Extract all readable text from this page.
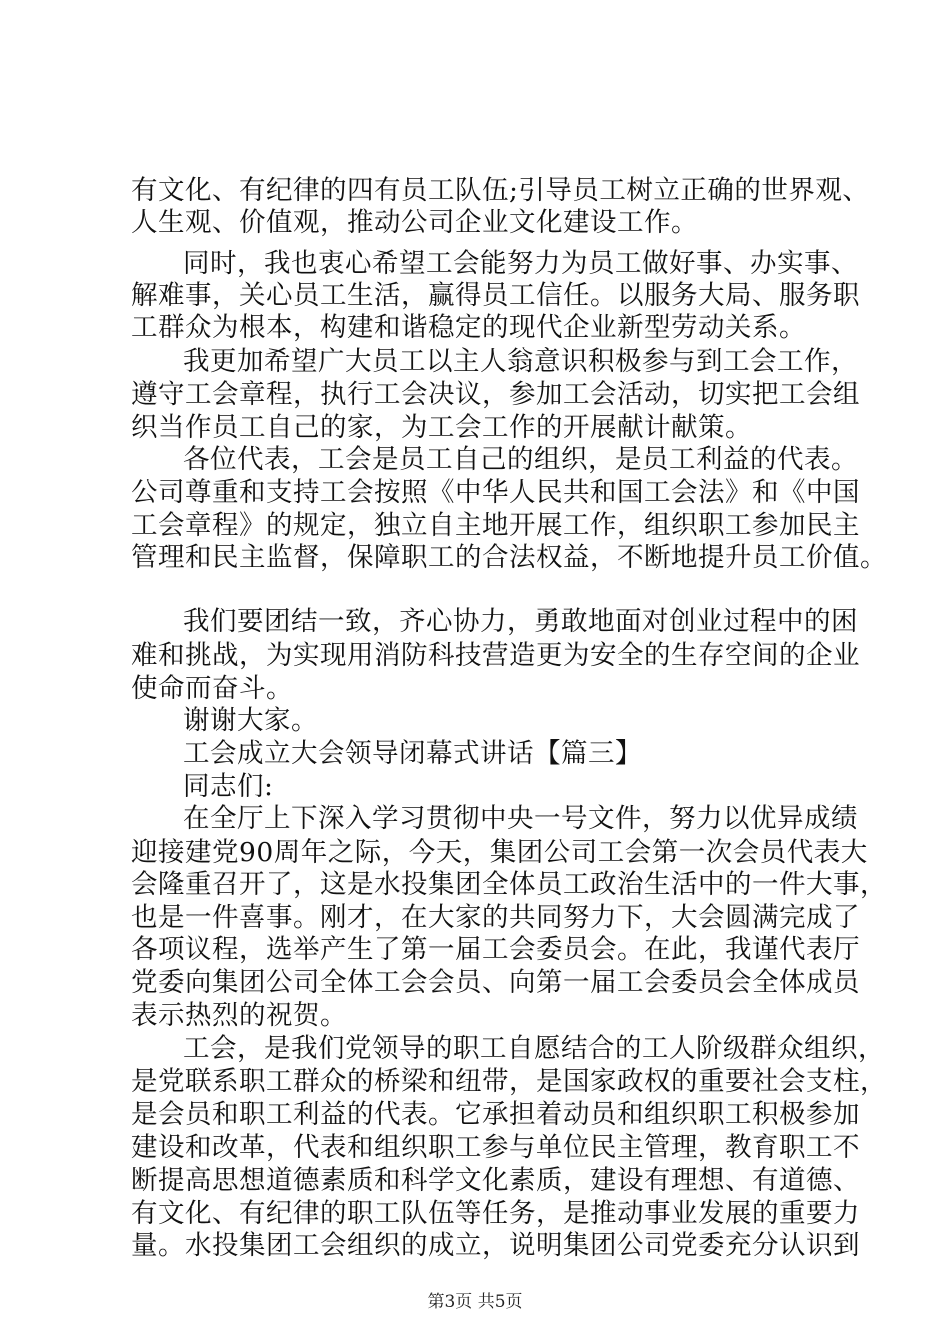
有文化、有纪律的四有员工队伍;引导员工树立正确的世界观、
人生观、价值观，推动公司企业文化建设工作。
同时，我也衷心希望工会能努力为员工做好事、办实事、
解难事，关心员工生活，赢得员工信任。以服务大局、服务职
工群众为根本，构建和谐稳定的现代企业新型劳动关系。
我更加希望广大员工以主人翁意识积极参与到工会工作，
遵守工会章程，执行工会决议，参加工会活动，切实把工会组
织当作员工自己的家，为工会工作的开展献计献策。
各位代表，工会是员工自己的组织，是员工利益的代表。
公司尊重和支持工会按照《中华人民共和国工会法》和《中国
工会章程》的规定，独立自主地开展工作，组织职工参加民主
管理和民主监督，保障职工的合法权益，不断地提升员工价值。
我们要团结一致，齐心协力，勇敢地面对创业过程中的困
难和挑战，为实现用消防科技营造更为安全的生存空间的企业
使命而奋斗。
谢谢大家。
工会成立大会领导闭幕式讲话【篇三】
同志们:
在全厅上下深入学习贯彻中央一号文件，努力以优异成绩
迎接建党90周年之际，今天，集团公司工会第一次会员代表大
会隆重召开了，这是水投集团全体员工政治生活中的一件大事，
也是一件喜事。刚才，在大家的共同努力下，大会圆满完成了
各项议程，选举产生了第一届工会委员会。在此，我谨代表厅
党委向集团公司全体工会会员、向第一届工会委员会全体成员
表示热烈的祝贺。
工会，是我们党领导的职工自愿结合的工人阶级群众组织，
是党联系职工群众的桥梁和纽带，是国家政权的重要社会支柱，
是会员和职工利益的代表。它承担着动员和组织职工积极参加
建设和改革，代表和组织职工参与单位民主管理，教育职工不
断提高思想道德素质和科学文化素质，建设有理想、有道德、
有文化、有纪律的职工队伍等任务，是推动事业发展的重要力
量。水投集团工会组织的成立，说明集团公司党委充分认识到
第3页 共5页
